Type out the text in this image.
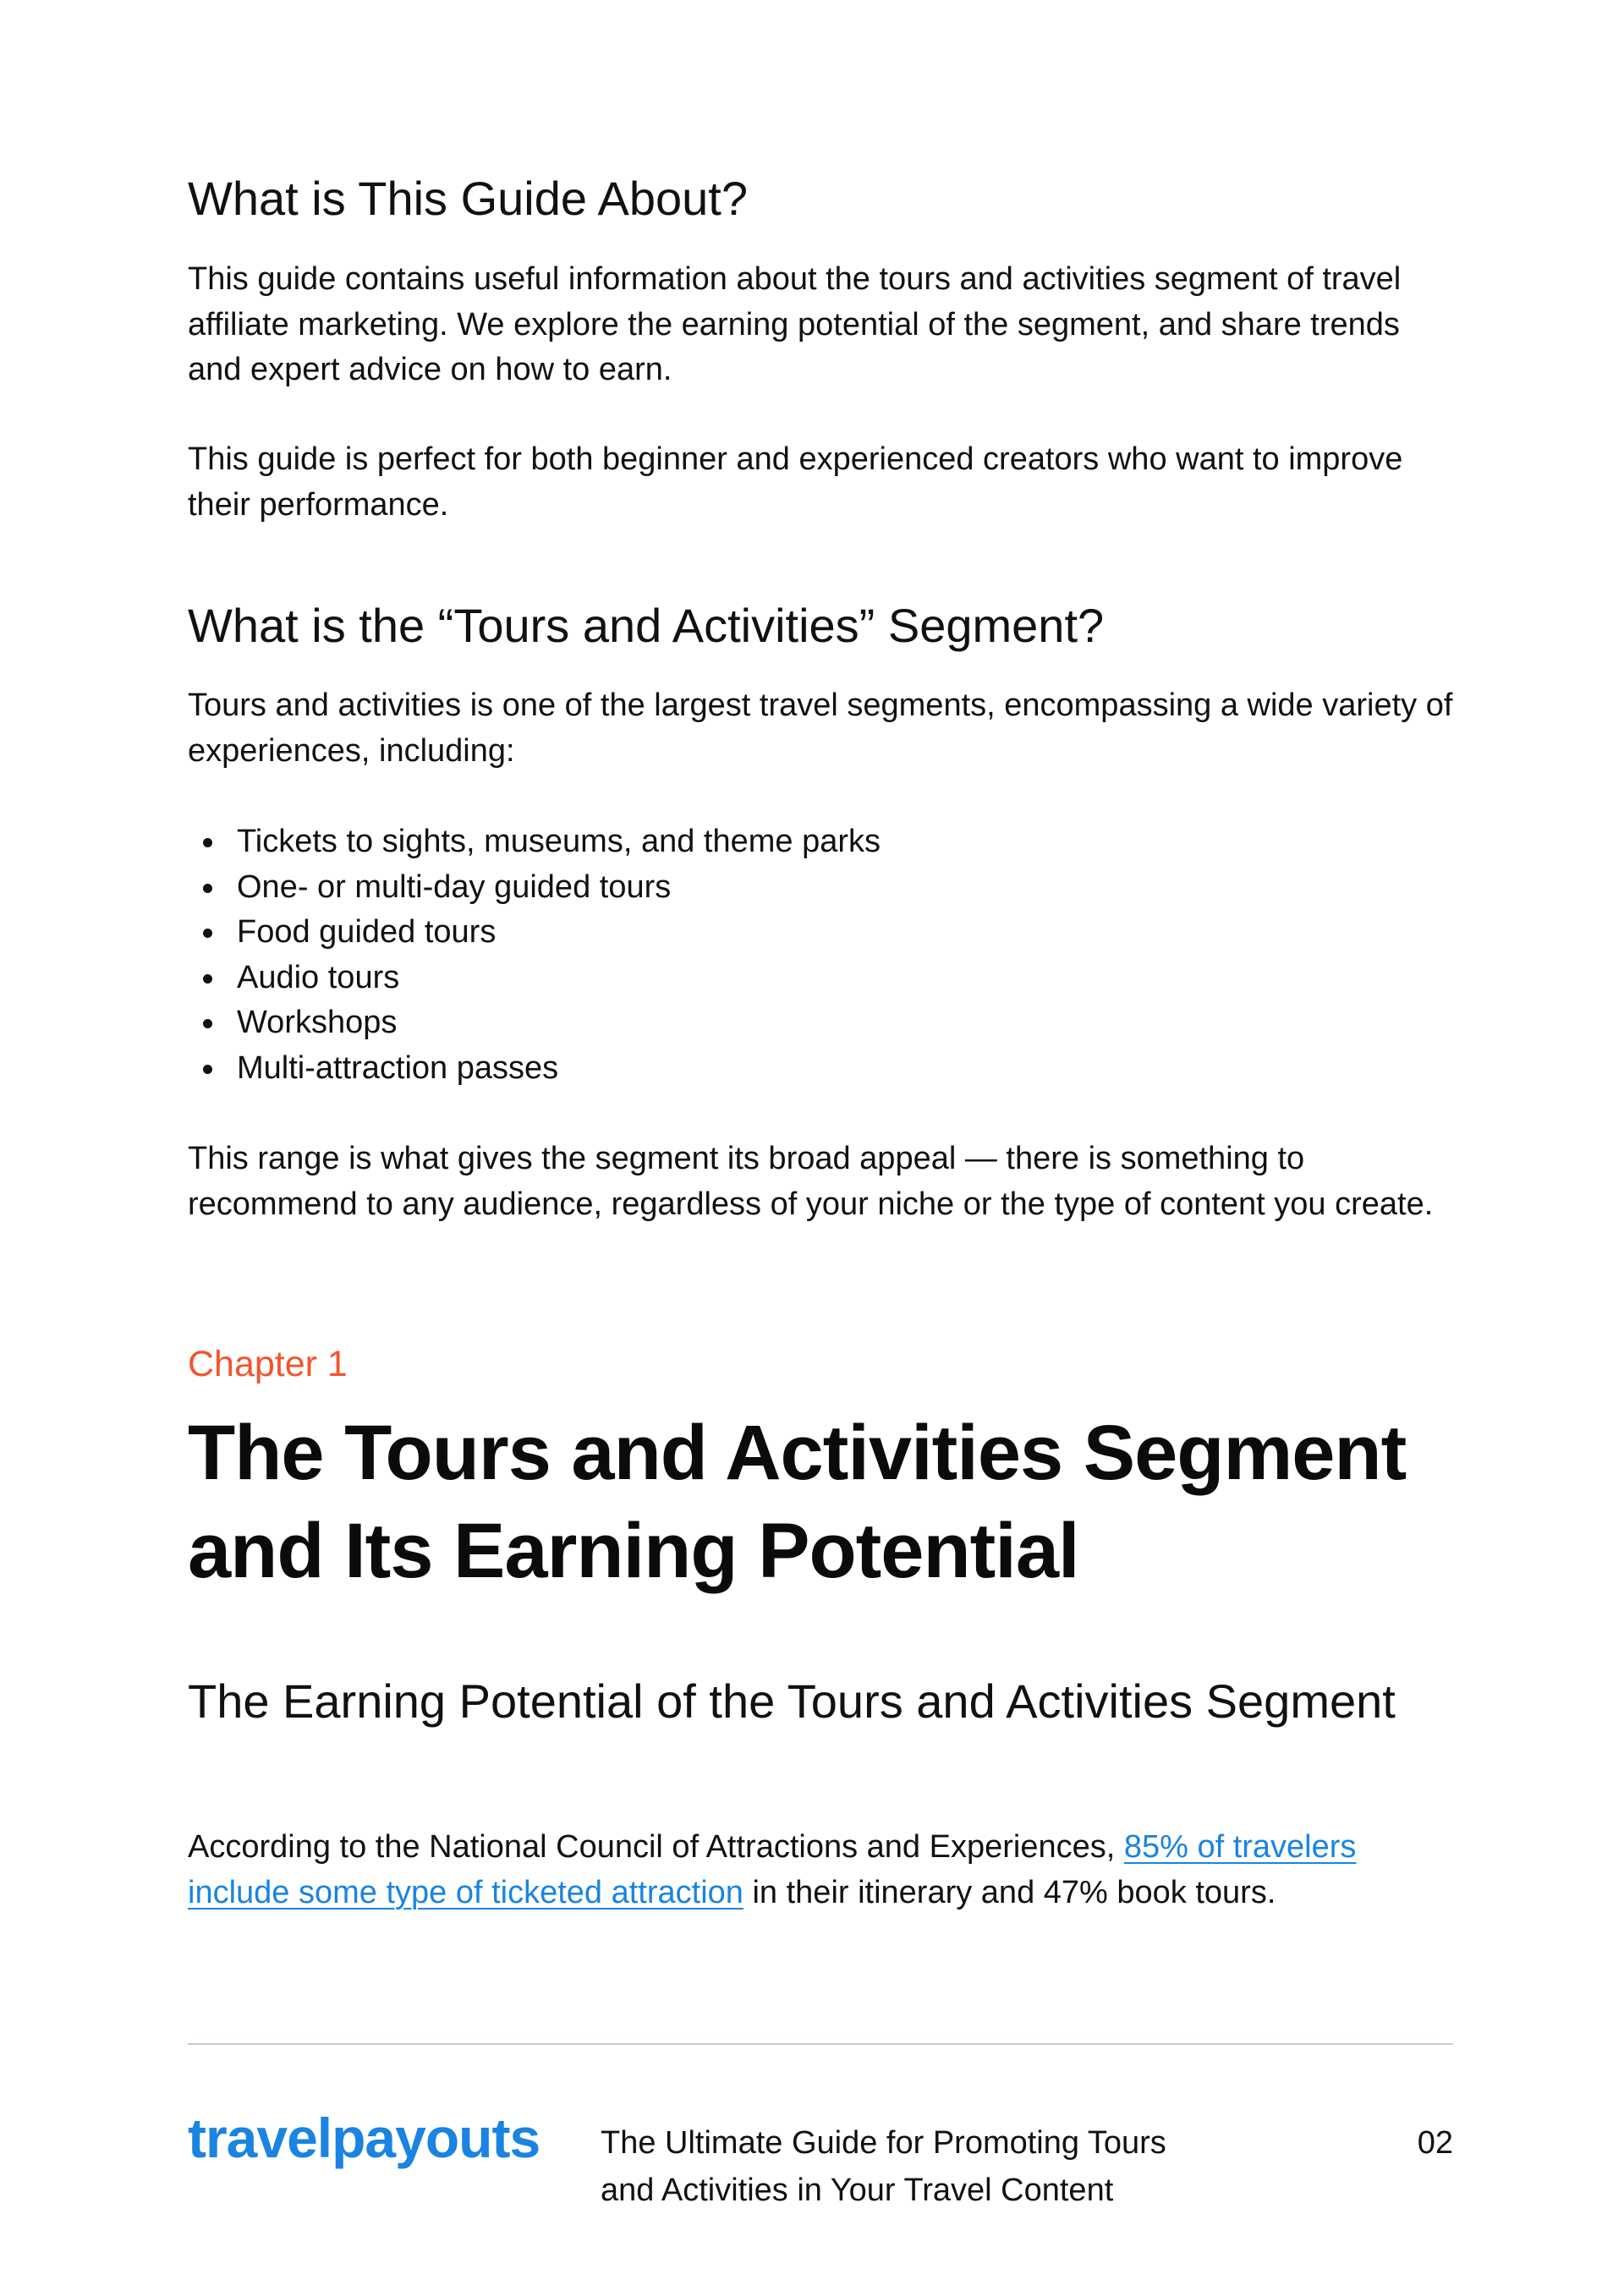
What is This Guide About?

This guide contains useful information about the tours and activities segment of travel affiliate marketing. We explore the earning potential of the segment, and share trends and expert advice on how to earn.

This guide is perfect for both beginner and experienced creators who want to improve their performance.

What is the “Tours and Activities” Segment?

Tours and activities is one of the largest travel segments, encompassing a wide variety of experiences, including:

Tickets to sights, museums, and theme parks
One- or multi-day guided tours
Food guided tours
Audio tours
Workshops
Multi-attraction passes

This range is what gives the segment its broad appeal — there is something to recommend to any audience, regardless of your niche or the type of content you create.

Chapter 1

The Tours and Activities Segment and Its Earning Potential
The Earning Potential of the Tours and Activities Segment

According to the National Council of Attractions and Experiences, 85% of travelers include some type of ticketed attraction in their itinerary and 47% book tours.

travelpayouts The Ultimate Guide for Promoting Tours
and Activities in Your Travel Content

02
